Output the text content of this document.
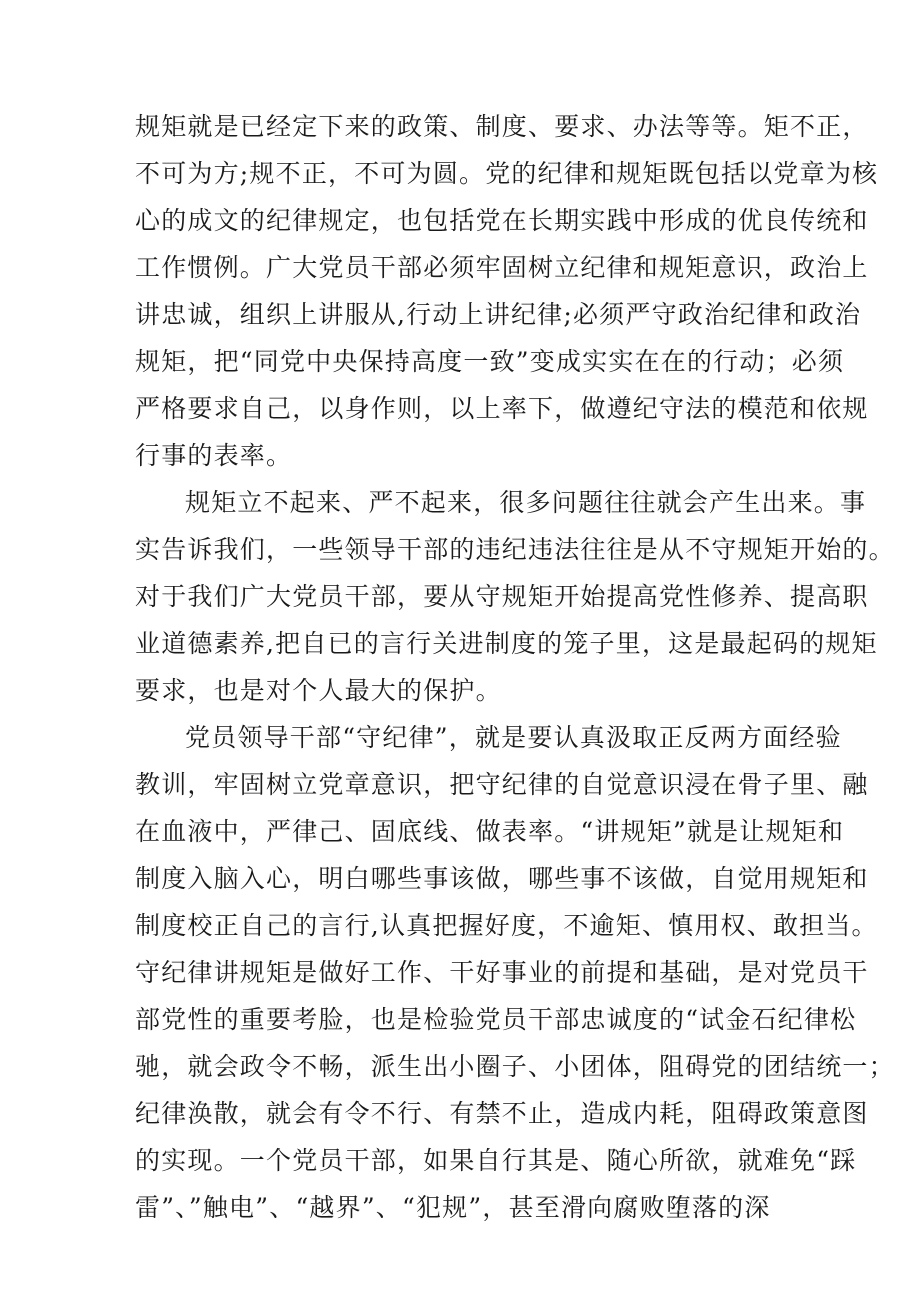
规矩就是已经定下来的政策、制度、要求、办法等等。矩不正，
不可为方;规不正，不可为圆。党的纪律和规矩既包括以党章为核
心的成文的纪律规定，也包括党在长期实践中形成的优良传统和
工作惯例。广大党员干部必须牢固树立纪律和规矩意识，政治上
讲忠诚，组织上讲服从,行动上讲纪律;必须严守政治纪律和政治
规矩，把“同党中央保持高度一致”变成实实在在的行动；必须
严格要求自己，以身作则，以上率下，做遵纪守法的模范和依规
行事的表率。
规矩立不起来、严不起来，很多问题往往就会产生出来。事
实告诉我们，一些领导干部的违纪违法往往是从不守规矩开始的。
对于我们广大党员干部，要从守规矩开始提高党性修养、提高职
业道德素养,把自已的言行关进制度的笼子里，这是最起码的规矩
要求，也是对个人最大的保护。
党员领导干部“守纪律”，就是要认真汲取正反两方面经验
教训，牢固树立党章意识，把守纪律的自觉意识浸在骨子里、融
在血液中，严律己、固底线、做表率。“讲规矩”就是让规矩和
制度入脑入心，明白哪些事该做，哪些事不该做，自觉用规矩和
制度校正自己的言行,认真把握好度，不逾矩、慎用权、敢担当。
守纪律讲规矩是做好工作、干好事业的前提和基础，是对党员干
部党性的重要考脸，也是检验党员干部忠诚度的“试金石纪律松
驰，就会政令不畅，派生出小圈子、小团体，阻碍党的团结统一；
纪律涣散，就会有令不行、有禁不止，造成内耗，阻碍政策意图
的实现。一个党员干部，如果自行其是、随心所欲，就难免“踩
雷”、”触电”、“越界”、“犯规”，甚至滑向腐败堕落的深
